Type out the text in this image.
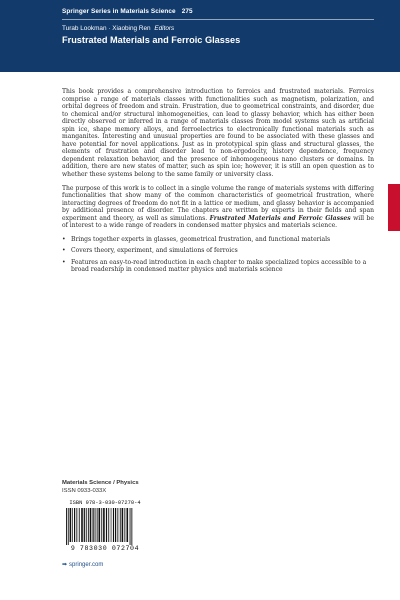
Springer Series in Materials Science 275
Turab Lookman · Xiaobing Ren Editors
Frustrated Materials and Ferroic Glasses

This book provides a comprehensive introduction to ferroics and frustrated materials. Ferroics comprise a range of materials classes with functionalities such as magnetism, polarization, and orbital degrees of freedom and strain. Frustration, due to geometrical constraints, and disorder, due to chemical and/or structural inhomogeneities, can lead to glassy behavior, which has either been directly observed or inferred in a range of materials classes from model systems such as artificial spin ice, shape memory alloys, and ferroelectrics to electronically functional materials such as manganites. Interesting and unusual properties are found to be associated with these glasses and have potential for novel applications. Just as in prototypical spin glass and structural glasses, the elements of frustration and disorder lead to non-ergodocity, history dependence, frequency dependent relaxation behavior, and the presence of inhomogeneous nano clusters or domains. In addition, there are new states of matter, such as spin ice; however, it is still an open question as to whether these systems belong to the same family or university class.

The purpose of this work is to collect in a single volume the range of materials systems with differing functionalities that show many of the common characteristics of geometrical frustration, where interacting degrees of freedom do not fit in a lattice or medium, and glassy behavior is accompanied by additional presence of disorder. The chapters are written by experts in their fields and span experiment and theory, as well as simulations. Frustrated Materials and Ferroic Glasses will be of interest to a wide range of readers in condensed matter physics and materials science.

• Brings together experts in glasses, geometrical frustration, and functional materials
• Covers theory, experiment, and simulations of ferroics
• Features an easy-to-read introduction in each chapter to make specialized topics accessible to a broad readership in condensed matter physics and materials science
Materials Science / Physics
ISSN 0933-033X
ISBN 978-3-030-07270-4
9 783030 072704
➡ springer.com
